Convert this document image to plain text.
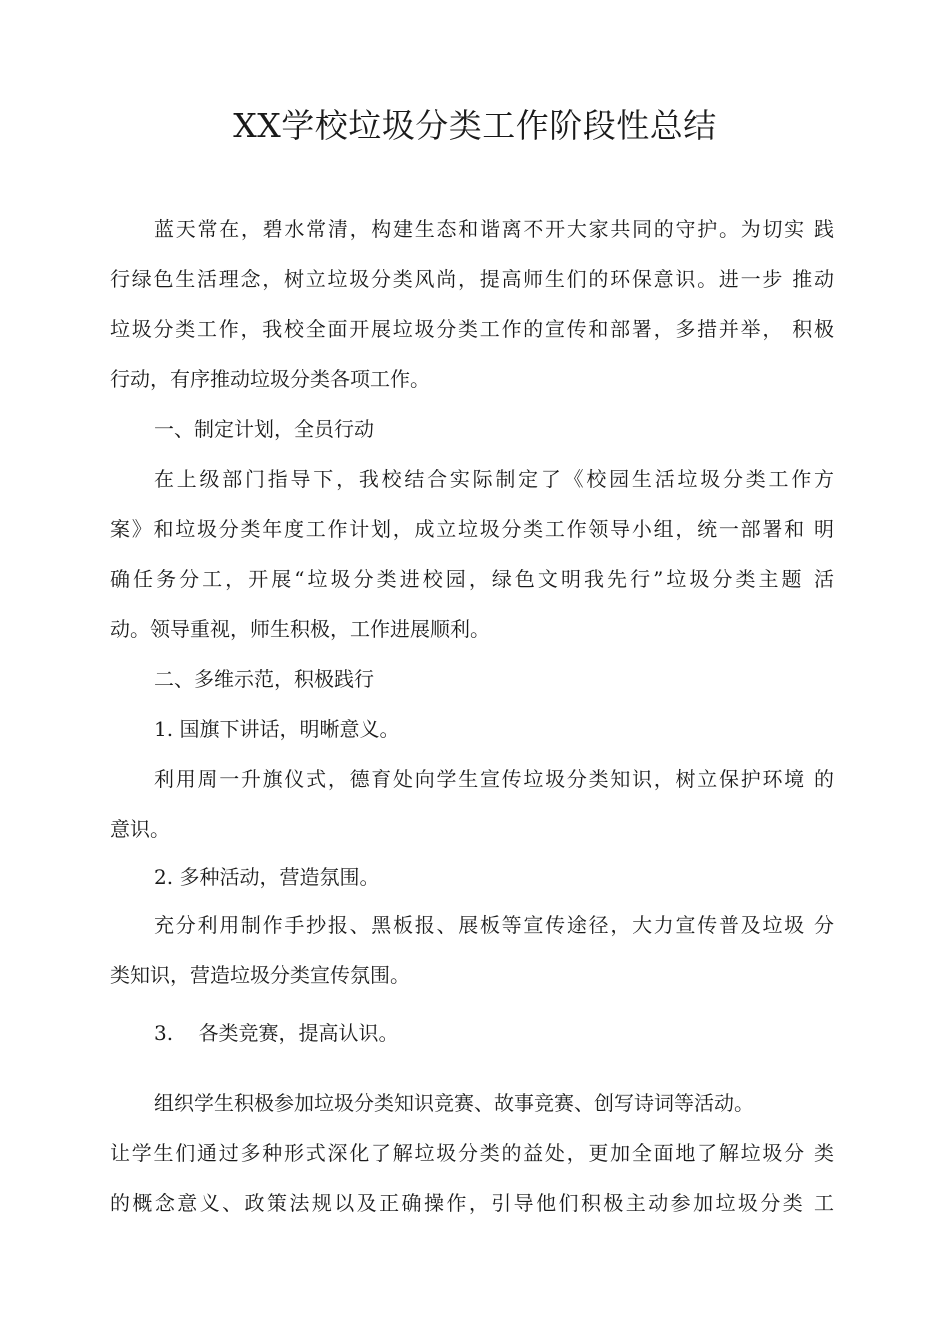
XX学校垃圾分类工作阶段性总结
蓝天常在，碧水常清，构建生态和谐离不开大家共同的守护。为切实 践
行绿色生活理念，树立垃圾分类风尚，提高师生们的环保意识。进一步 推动
垃圾分类工作，我校全面开展垃圾分类工作的宣传和部署，多措并举， 积极
行动，有序推动垃圾分类各项工作。
一、制定计划，全员行动
在上级部门指导下，我校结合实际制定了《校园生活垃圾分类工作方
案》和垃圾分类年度工作计划，成立垃圾分类工作领导小组，统一部署和 明
确任务分工，开展“垃圾分类进校园，绿色文明我先行”垃圾分类主题 活
动。领导重视，师生积极，工作进展顺利。
二、多维示范，积极践行
1. 国旗下讲话，明晰意义。
利用周一升旗仪式，德育处向学生宣传垃圾分类知识，树立保护环境 的
意识。
2. 多种活动，营造氛围。
充分利用制作手抄报、黑板报、展板等宣传途径，大力宣传普及垃圾 分
类知识，营造垃圾分类宣传氛围。
3.    各类竞赛，提高认识。
组织学生积极参加垃圾分类知识竞赛、故事竞赛、创写诗词等活动。
让学生们通过多种形式深化了解垃圾分类的益处，更加全面地了解垃圾分 类
的概念意义、政策法规以及正确操作，引导他们积极主动参加垃圾分类 工
